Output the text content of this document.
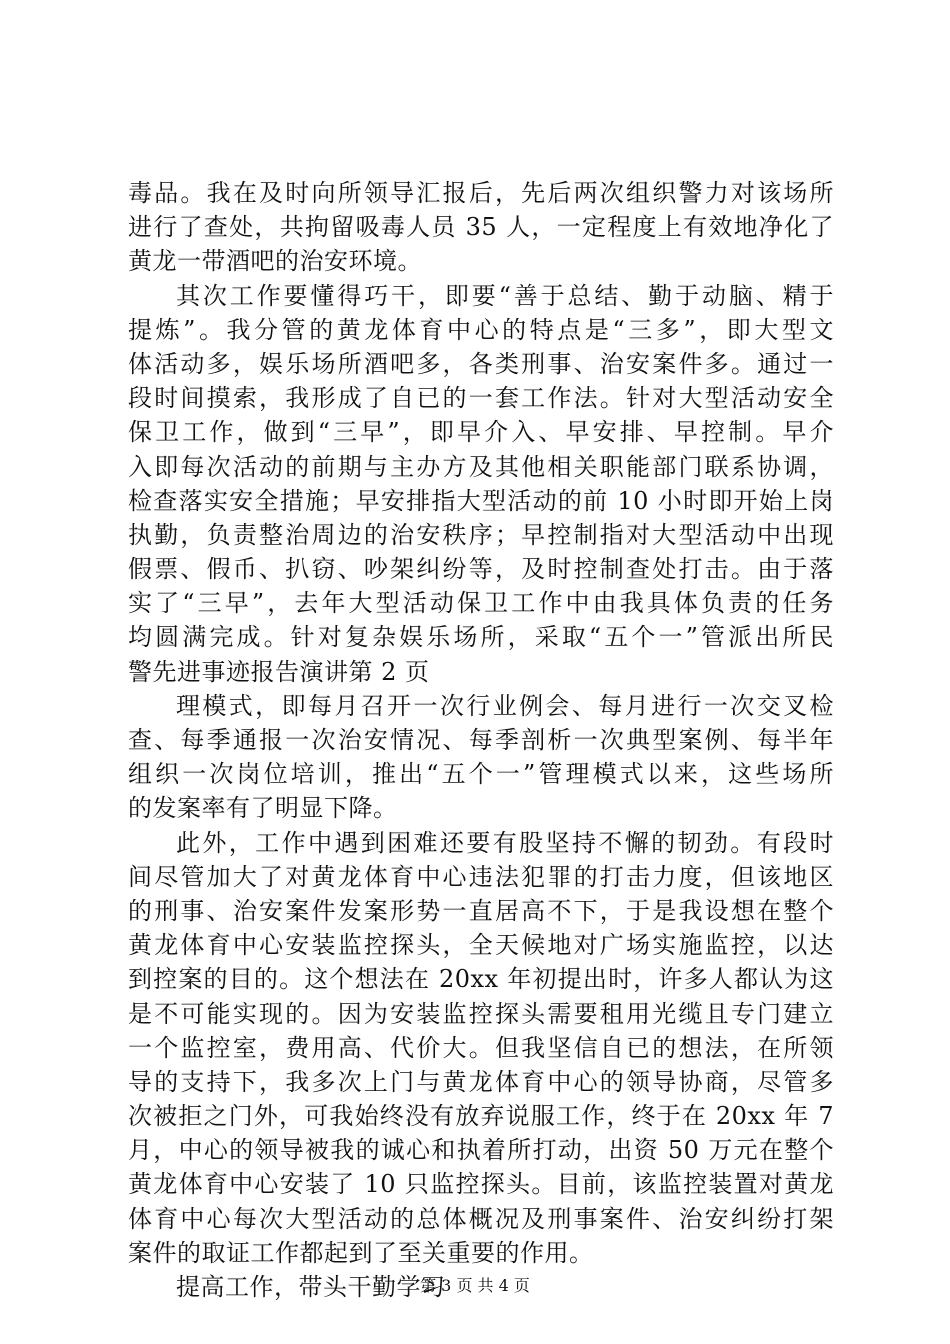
毒品。我在及时向所领导汇报后，先后两次组织警力对该场所
进行了查处，共拘留吸毒人员 35 人，一定程度上有效地净化了
黄龙一带酒吧的治安环境。
其次工作要懂得巧干，即要“善于总结、勤于动脑、精于
提炼”。我分管的黄龙体育中心的特点是“三多”，即大型文
体活动多，娱乐场所酒吧多，各类刑事、治安案件多。通过一
段时间摸索，我形成了自已的一套工作法。针对大型活动安全
保卫工作，做到“三早”，即早介入、早安排、早控制。早介
入即每次活动的前期与主办方及其他相关职能部门联系协调，
检查落实安全措施；早安排指大型活动的前 10 小时即开始上岗
执勤，负责整治周边的治安秩序；早控制指对大型活动中出现
假票、假币、扒窃、吵架纠纷等，及时控制查处打击。由于落
实了“三早”，去年大型活动保卫工作中由我具体负责的任务
均圆满完成。针对复杂娱乐场所，采取“五个一”管派出所民
警先进事迹报告演讲第 2 页
理模式，即每月召开一次行业例会、每月进行一次交叉检
查、每季通报一次治安情况、每季剖析一次典型案例、每半年
组织一次岗位培训，推出“五个一”管理模式以来，这些场所
的发案率有了明显下降。
此外，工作中遇到困难还要有股坚持不懈的韧劲。有段时
间尽管加大了对黄龙体育中心违法犯罪的打击力度，但该地区
的刑事、治安案件发案形势一直居高不下，于是我设想在整个
黄龙体育中心安装监控探头，全天候地对广场实施监控，以达
到控案的目的。这个想法在 20xx 年初提出时，许多人都认为这
是不可能实现的。因为安装监控探头需要租用光缆且专门建立
一个监控室，费用高、代价大。但我坚信自已的想法，在所领
导的支持下，我多次上门与黄龙体育中心的领导协商，尽管多
次被拒之门外，可我始终没有放弃说服工作，终于在 20xx 年 7
月，中心的领导被我的诚心和执着所打动，出资 50 万元在整个
黄龙体育中心安装了 10 只监控探头。目前，该监控装置对黄龙
体育中心每次大型活动的总体概况及刑事案件、治安纠纷打架
案件的取证工作都起到了至关重要的作用。
提高工作，带头干勤学习
第 3 页 共 4 页
